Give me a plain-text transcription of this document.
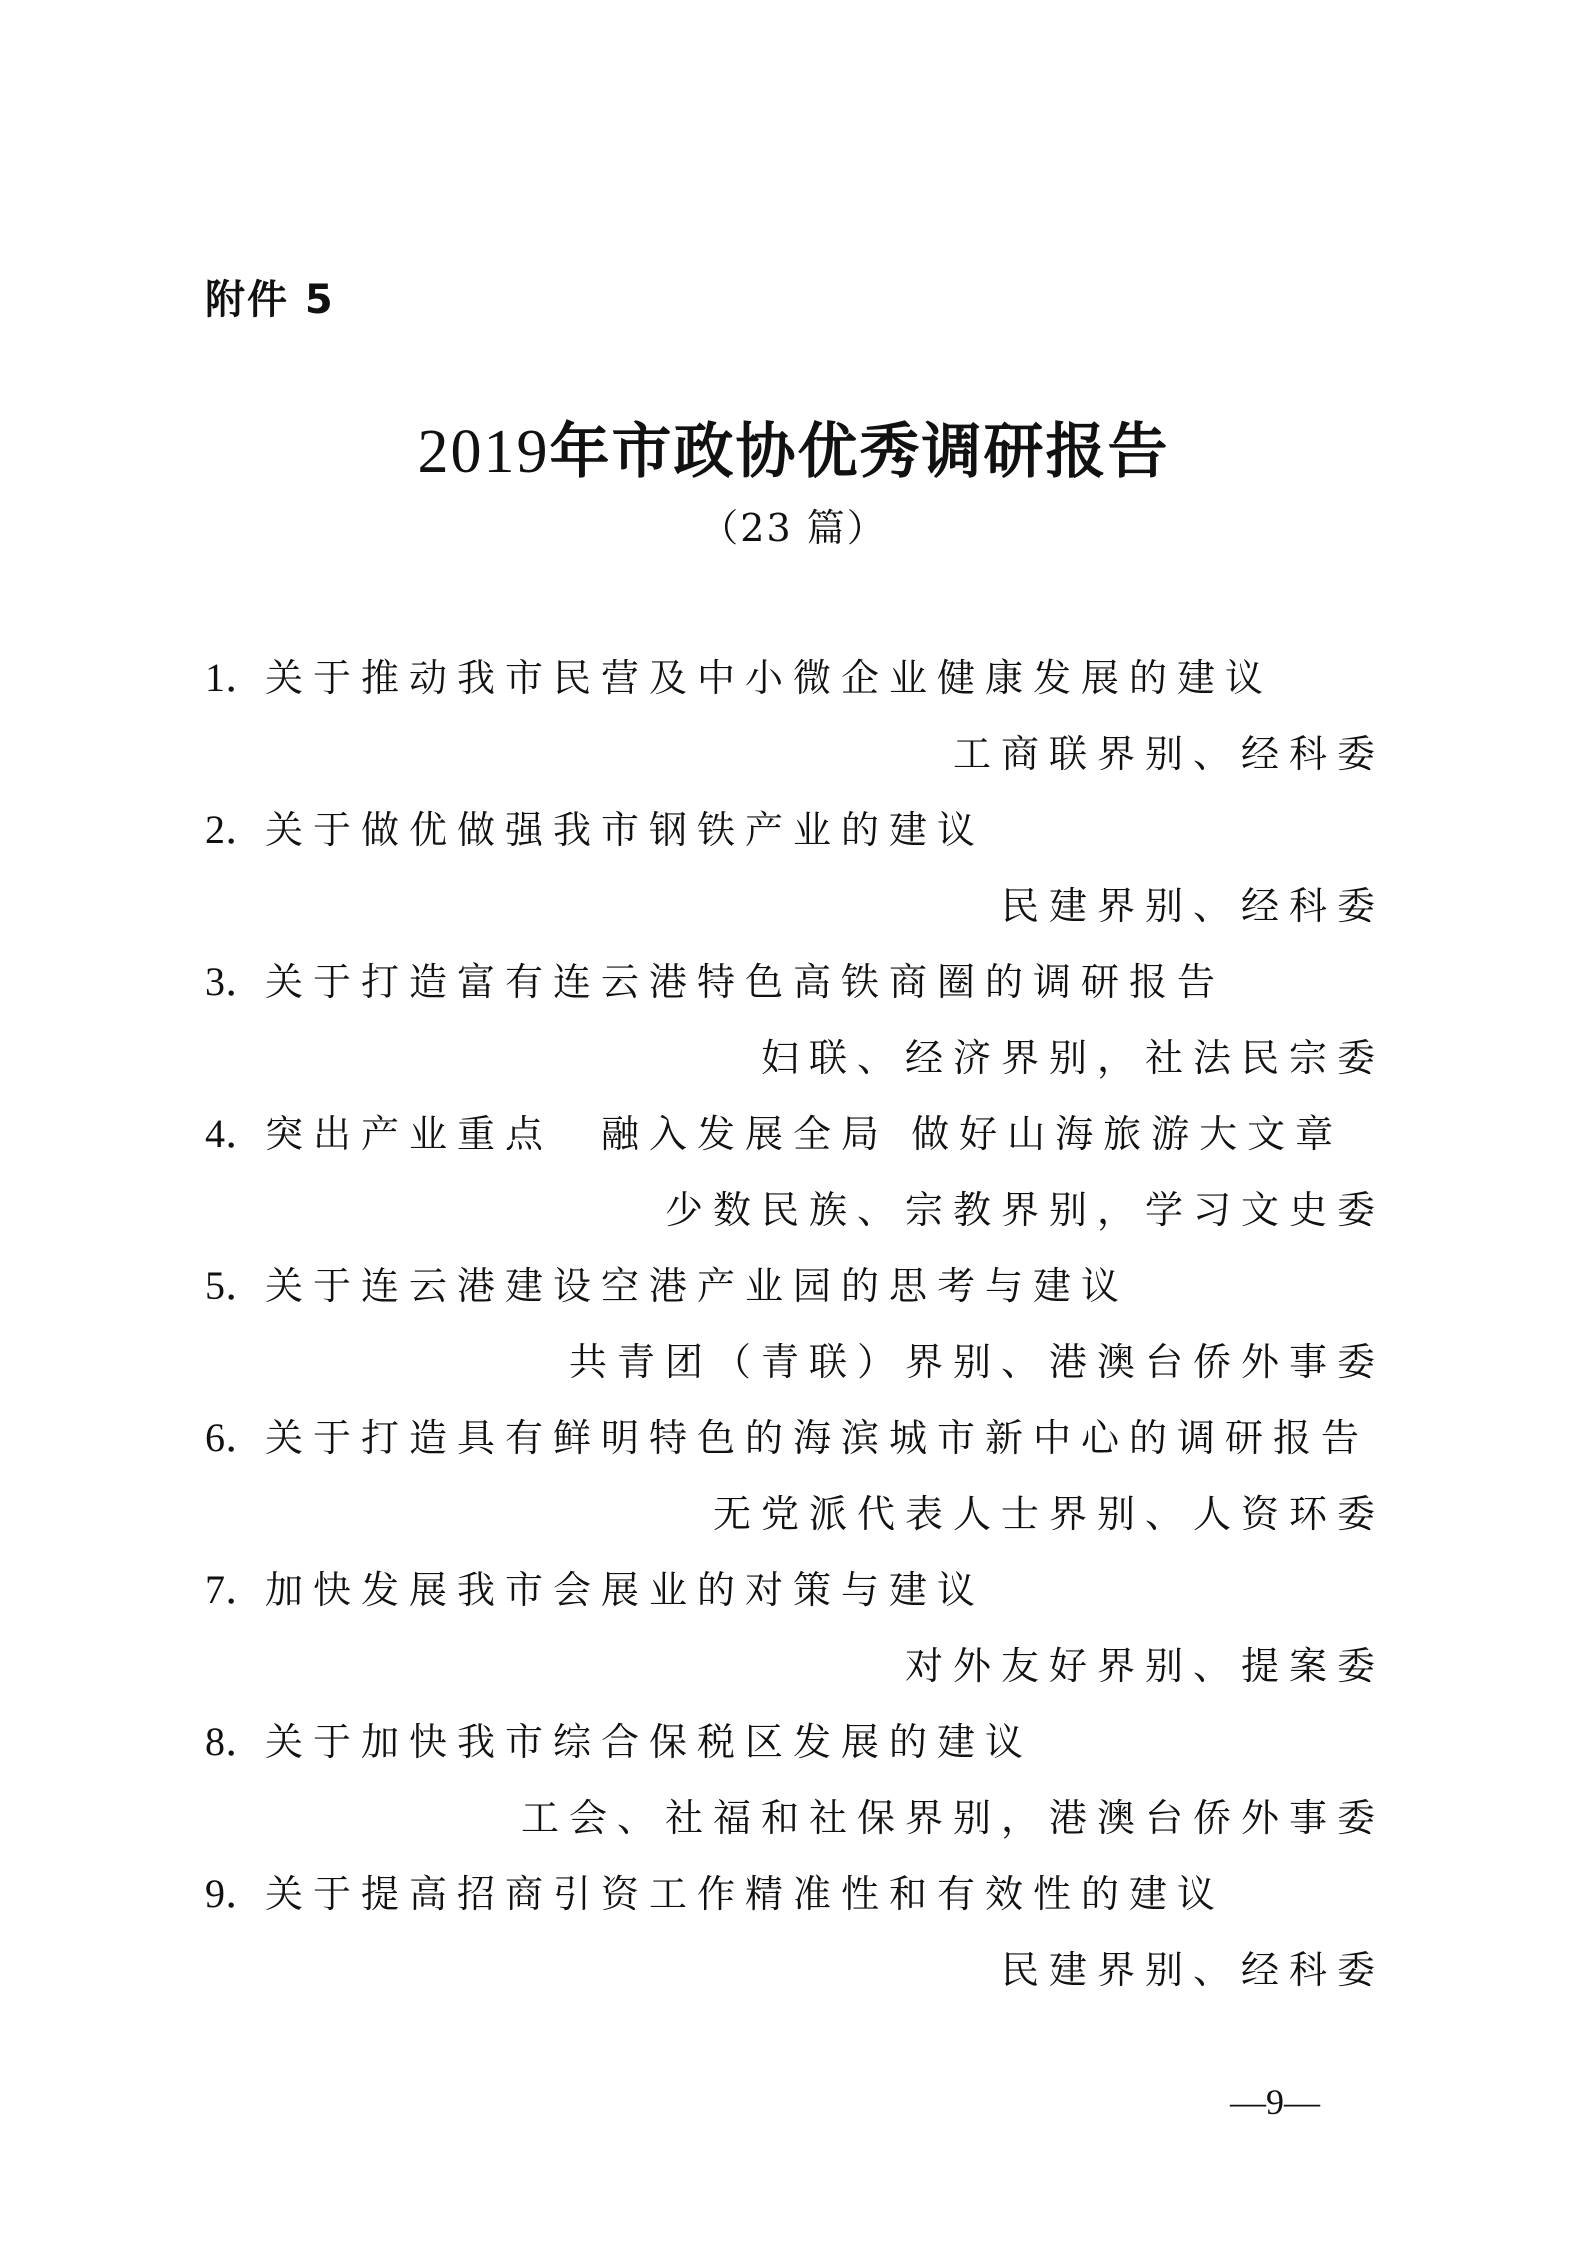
附件 5
2019年市政协优秀调研报告
（23 篇）
1．关于推动我市民营及中小微企业健康发展的建议
工商联界别、经科委
2．关于做优做强我市钢铁产业的建议
民建界别、经科委
3．关于打造富有连云港特色高铁商圈的调研报告
妇联、经济界别，社法民宗委
4．突出产业重点　融入发展全局 做好山海旅游大文章
少数民族、宗教界别，学习文史委
5．关于连云港建设空港产业园的思考与建议
共青团（青联）界别、港澳台侨外事委
6．关于打造具有鲜明特色的海滨城市新中心的调研报告
无党派代表人士界别、人资环委
7．加快发展我市会展业的对策与建议
对外友好界别、提案委
8．关于加快我市综合保税区发展的建议
工会、社福和社保界别，港澳台侨外事委
9．关于提高招商引资工作精准性和有效性的建议
民建界别、经科委
—9—
